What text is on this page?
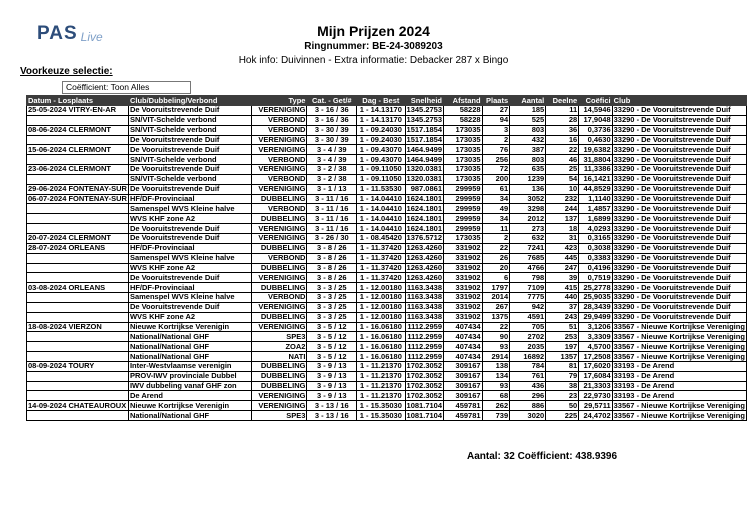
PAS Live	Mijn Prijzen 2024
Ringnummer: BE-24-3089203
Hok info: Duivinnen - Extra informatie: Debacker 287 x Bingo
Voorkeuze selectie:
Coëfficient: Toon Alles
Datum - Losplaats	Club/Dubbeling/Verbond	Type	Cat. - Get/#	Dag - Best	Snelheid	Afstand	Plaats	Aantal	Deelne	Coëfici	Club
25-05-2024 VITRY-EN-AR	De Vooruitstrevende Duif	VERENIGING	3 - 16 / 36	1 - 14.13170	1345.2753	58228	27	185	11	14,5946	33290 - De Vooruitstrevende Duif
	SN/VIT-Schelde verbond	VERBOND	3 - 16 / 36	1 - 14.13170	1345.2753	58228	94	525	28	17,9048	33290 - De Vooruitstrevende Duif
08-06-2024 CLERMONT	SN/VIT-Schelde verbond	VERBOND	3 - 30 / 39	1 - 09.24030	1517.1854	173035	3	803	36	0,3736	33290 - De Vooruitstrevende Duif
	De Vooruitstrevende Duif	VERENIGING	3 - 30 / 39	1 - 09.24030	1517.1854	173035	2	432	16	0,4630	33290 - De Vooruitstrevende Duif
15-06-2024 CLERMONT	De Vooruitstrevende Duif	VERENIGING	3 - 4 / 39	1 - 09.43070	1464.9499	173035	76	387	22	19,6382	33290 - De Vooruitstrevende Duif
	SN/VIT-Schelde verbond	VERBOND	3 - 4 / 39	1 - 09.43070	1464.9499	173035	256	803	46	31,8804	33290 - De Vooruitstrevende Duif
23-06-2024 CLERMONT	De Vooruitstrevende Duif	VERENIGING	3 - 2 / 38	1 - 09.11050	1320.0381	173035	72	635	25	11,3386	33290 - De Vooruitstrevende Duif
	SN/VIT-Schelde verbond	VERBOND	3 - 2 / 38	1 - 09.11050	1320.0381	173035	200	1239	54	16,1421	33290 - De Vooruitstrevende Duif
29-06-2024 FONTENAY-SUR	De Vooruitstrevende Duif	VERENIGING	3 - 1 / 13	1 - 11.53530	987.0861	299959	61	136	10	44,8529	33290 - De Vooruitstrevende Duif
06-07-2024 FONTENAY-SUR	HF/DF-Provinciaal	DUBBELING	3 - 11 / 16	1 - 14.04410	1624.1801	299959	34	3052	232	1,1140	33290 - De Vooruitstrevende Duif
	Samenspel WVS Kleine halve	VERBOND	3 - 11 / 16	1 - 14.04410	1624.1801	299959	49	3298	244	1,4857	33290 - De Vooruitstrevende Duif
	WVS KHF zone A2	DUBBELING	3 - 11 / 16	1 - 14.04410	1624.1801	299959	34	2012	137	1,6899	33290 - De Vooruitstrevende Duif
	De Vooruitstrevende Duif	VERENIGING	3 - 11 / 16	1 - 14.04410	1624.1801	299959	11	273	18	4,0293	33290 - De Vooruitstrevende Duif
20-07-2024 CLERMONT	De Vooruitstrevende Duif	VERENIGING	3 - 26 / 30	1 - 08.45420	1376.5712	173035	2	632	31	0,3165	33290 - De Vooruitstrevende Duif
28-07-2024 ORLEANS	HF/DF-Provinciaal	DUBBELING	3 - 8 / 26	1 - 11.37420	1263.4260	331902	22	7241	423	0,3038	33290 - De Vooruitstrevende Duif
	Samenspel WVS Kleine halve	VERBOND	3 - 8 / 26	1 - 11.37420	1263.4260	331902	26	7685	445	0,3383	33290 - De Vooruitstrevende Duif
	WVS KHF zone A2	DUBBELING	3 - 8 / 26	1 - 11.37420	1263.4260	331902	20	4766	247	0,4196	33290 - De Vooruitstrevende Duif
	De Vooruitstrevende Duif	VERENIGING	3 - 8 / 26	1 - 11.37420	1263.4260	331902	6	798	39	0,7519	33290 - De Vooruitstrevende Duif
03-08-2024 ORLEANS	HF/DF-Provinciaal	DUBBELING	3 - 3 / 25	1 - 12.00180	1163.3438	331902	1797	7109	415	25,2778	33290 - De Vooruitstrevende Duif
	Samenspel WVS Kleine halve	VERBOND	3 - 3 / 25	1 - 12.00180	1163.3438	331902	2014	7775	440	25,9035	33290 - De Vooruitstrevende Duif
	De Vooruitstrevende Duif	VERENIGING	3 - 3 / 25	1 - 12.00180	1163.3438	331902	267	942	37	28,3439	33290 - De Vooruitstrevende Duif
	WVS KHF zone A2	DUBBELING	3 - 3 / 25	1 - 12.00180	1163.3438	331902	1375	4591	243	29,9499	33290 - De Vooruitstrevende Duif
18-08-2024 VIERZON	Nieuwe Kortrijkse Verenigin	VERENIGING	3 - 5 / 12	1 - 16.06180	1112.2959	407434	22	705	51	3,1206	33567 - Nieuwe Kortrijkse Vereniging
	National/National GHF	SPE3	3 - 5 / 12	1 - 16.06180	1112.2959	407434	90	2702	253	3,3309	33567 - Nieuwe Kortrijkse Vereniging
	National/National GHF	ZOA2	3 - 5 / 12	1 - 16.06180	1112.2959	407434	93	2035	197	4,5700	33567 - Nieuwe Kortrijkse Vereniging
	National/National GHF	NATI	3 - 5 / 12	1 - 16.06180	1112.2959	407434	2914	16892	1357	17,2508	33567 - Nieuwe Kortrijkse Vereniging
08-09-2024 TOURY	Inter-Westvlaamse verenigin	DUBBELING	3 - 9 / 13	1 - 11.21370	1702.3052	309167	138	784	81	17,6020	33193 - De Arend
	PROV-IWV provinciale Dubbel	DUBBELING	3 - 9 / 13	1 - 11.21370	1702.3052	309167	134	761	79	17,6084	33193 - De Arend
	IWV dubbeling vanaf GHF zon	DUBBELING	3 - 9 / 13	1 - 11.21370	1702.3052	309167	93	436	38	21,3303	33193 - De Arend
	De Arend	VERENIGING	3 - 9 / 13	1 - 11.21370	1702.3052	309167	68	296	23	22,9730	33193 - De Arend
14-09-2024 CHATEAUROUX	Nieuwe Kortrijkse Verenigin	VERENIGING	3 - 13 / 16	1 - 15.35030	1081.7104	459781	262	886	50	29,5711	33567 - Nieuwe Kortrijkse Vereniging
	National/National GHF	SPE3	3 - 13 / 16	1 - 15.35030	1081.7104	459781	739	3020	225	24,4702	33567 - Nieuwe Kortrijkse Vereniging
Aantal: 32 Coëfficient: 438.9396
